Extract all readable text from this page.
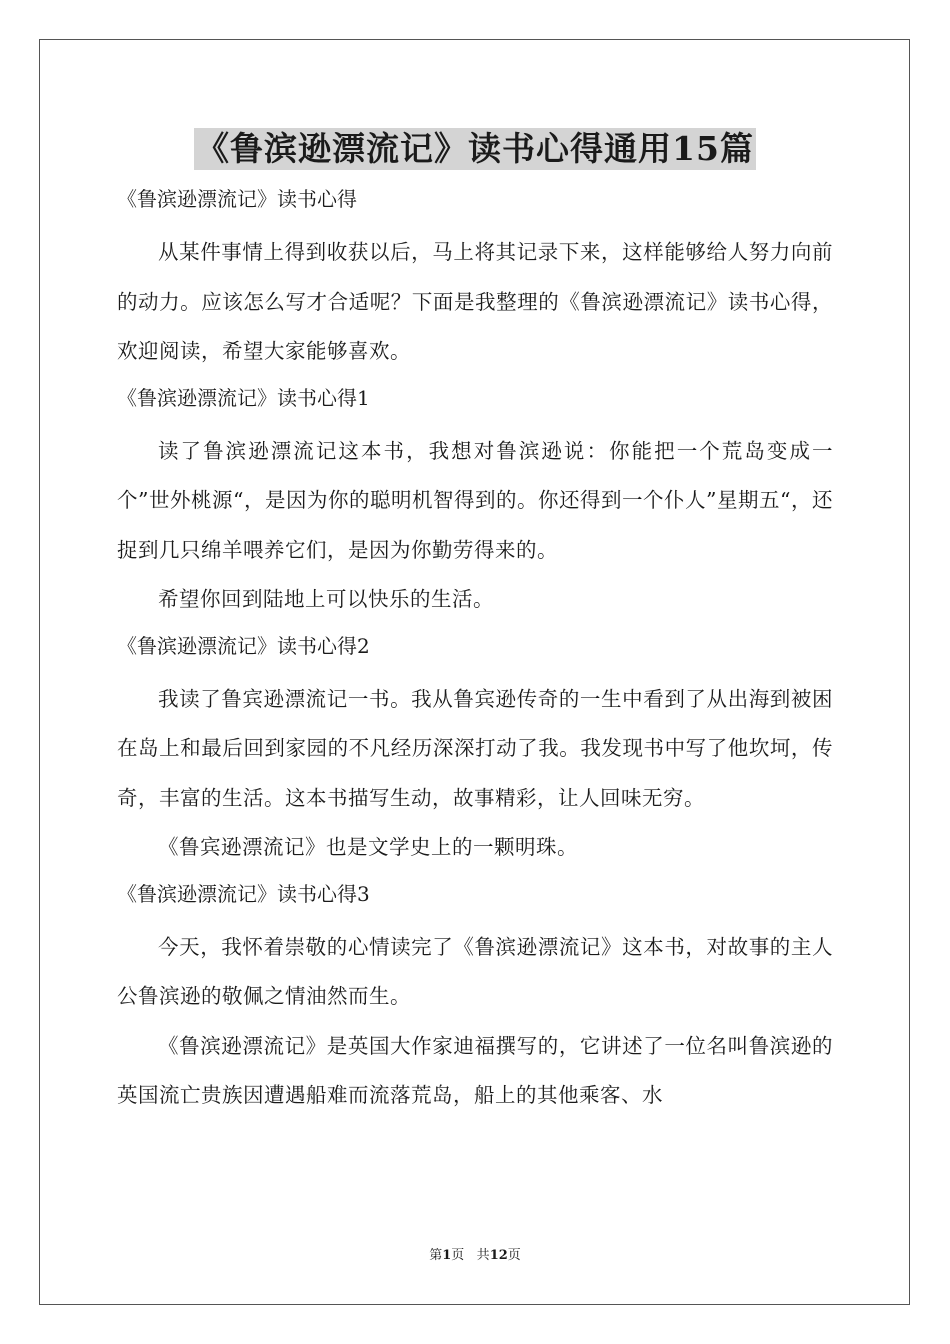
《鲁滨逊漂流记》读书心得通用15篇

《鲁滨逊漂流记》读书心得

从某件事情上得到收获以后，马上将其记录下来，这样能够给人努力向前的动力。应该怎么写才合适呢？下面是我整理的《鲁滨逊漂流记》读书心得，欢迎阅读，希望大家能够喜欢。

《鲁滨逊漂流记》读书心得1

读了鲁滨逊漂流记这本书，我想对鲁滨逊说：你能把一个荒岛变成一个”世外桃源“，是因为你的聪明机智得到的。你还得到一个仆人”星期五“，还捉到几只绵羊喂养它们，是因为你勤劳得来的。

希望你回到陆地上可以快乐的生活。

《鲁滨逊漂流记》读书心得2

我读了鲁宾逊漂流记一书。我从鲁宾逊传奇的一生中看到了从出海到被困在岛上和最后回到家园的不凡经历深深打动了我。我发现书中写了他坎坷，传奇，丰富的生活。这本书描写生动，故事精彩，让人回味无穷。

《鲁宾逊漂流记》也是文学史上的一颗明珠。

《鲁滨逊漂流记》读书心得3

今天，我怀着崇敬的心情读完了《鲁滨逊漂流记》这本书，对故事的主人公鲁滨逊的敬佩之情油然而生。

《鲁滨逊漂流记》是英国大作家迪福撰写的，它讲述了一位名叫鲁滨逊的英国流亡贵族因遭遇船难而流落荒岛，船上的其他乘客、水

第1页 共12页
